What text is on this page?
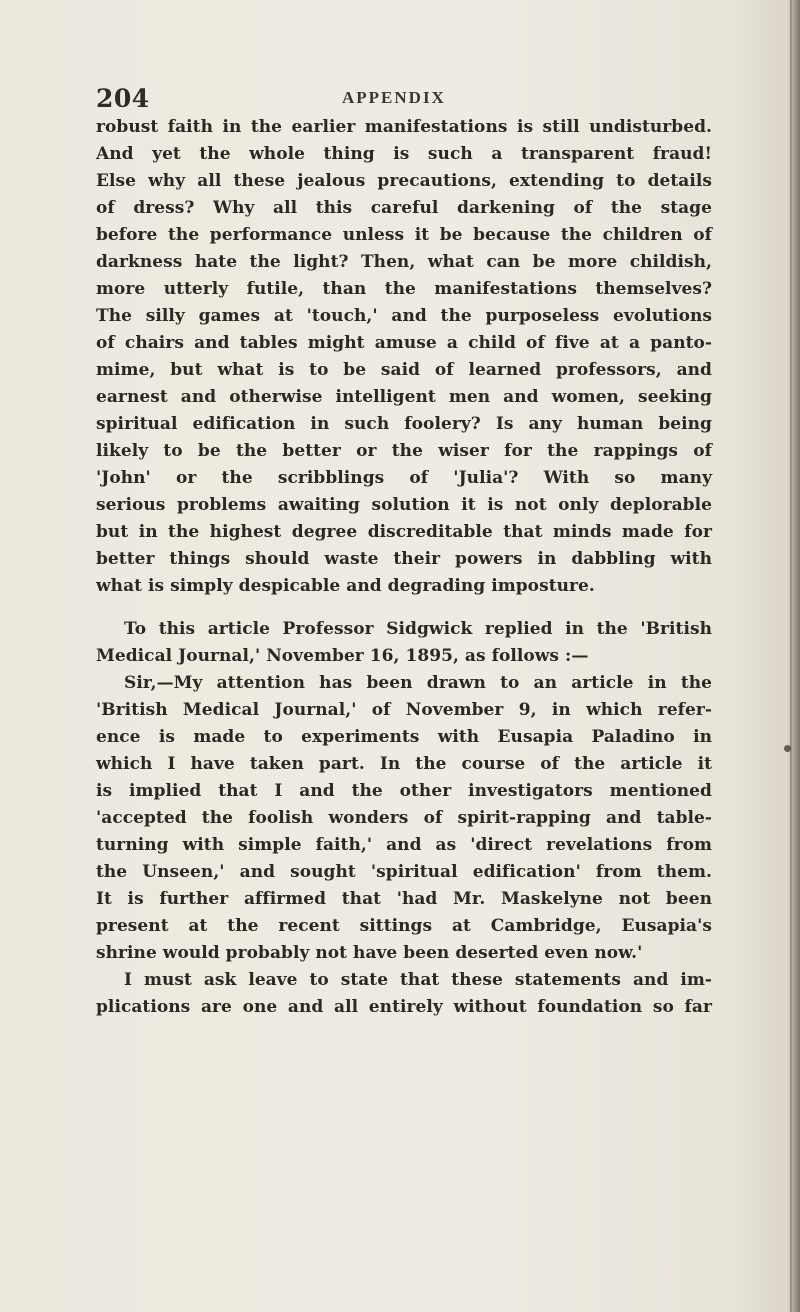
204	APPENDIX
robust faith in the earlier manifestations is still undisturbed.
And yet the whole thing is such a transparent fraud!
Else why all these jealous precautions, extending to details
of dress? Why all this careful darkening of the stage
before the performance unless it be because the children of
darkness hate the light? Then, what can be more childish,
more utterly futile, than the manifestations themselves?
The silly games at 'touch,' and the purposeless evolutions
of chairs and tables might amuse a child of five at a panto-
mime, but what is to be said of learned professors, and
earnest and otherwise intelligent men and women, seeking
spiritual edification in such foolery? Is any human being
likely to be the better or the wiser for the rappings of
'John' or the scribblings of 'Julia'? With so many
serious problems awaiting solution it is not only deplorable
but in the highest degree discreditable that minds made for
better things should waste their powers in dabbling with
what is simply despicable and degrading imposture.
To this article Professor Sidgwick replied in the 'British
Medical Journal,' November 16, 1895, as follows :—
Sir,—My attention has been drawn to an article in the
'British Medical Journal,' of November 9, in which refer-
ence is made to experiments with Eusapia Paladino in
which I have taken part. In the course of the article it
is implied that I and the other investigators mentioned
'accepted the foolish wonders of spirit-rapping and table-
turning with simple faith,' and as 'direct revelations from
the Unseen,' and sought 'spiritual edification' from them.
It is further affirmed that 'had Mr. Maskelyne not been
present at the recent sittings at Cambridge, Eusapia's
shrine would probably not have been deserted even now.'
I must ask leave to state that these statements and im-
plications are one and all entirely without foundation so far
